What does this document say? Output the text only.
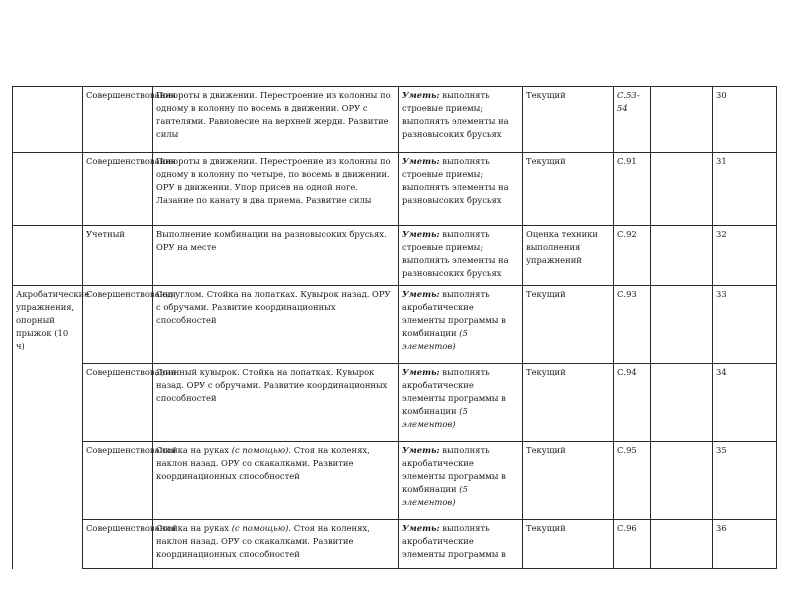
	Совершенствования	Повороты в движении. Перестроение из колонны по одному в колонну по восемь в движении. ОРУ с гантелями. Равновесие на верхней жерди. Развитие силы	Уметь: выполнять строевые приемы; выполнять элементы на разновысоких брусьях	Текущий	С.53-54		30
	Совершенствования	Повороты в движении. Перестроение из колонны по одному в колонну по четыре, по восемь в движении. ОРУ в движении. Упор присев на одной ноге. Лазание по канату в два приема. Развитие силы	Уметь: выполнять строевые приемы; выполнять элементы на разновысоких брусьях	Текущий	С.91		31
	Учетный	Выполнение комбинации на разновысоких брусьях. ОРУ на месте	Уметь: выполнять строевые приемы; выполнять элементы на разновысоких брусьях	Оценка техники выполнения упражнений	С.92		32
Акробатические упражнения, опорный прыжок (10 ч)	Совершенствования	Сед углом. Стойка на лопатках. Кувырок назад. ОРУ с обручами. Развитие координационных способностей	Уметь: выполнять акробатические элементы программы в комбинации (5 элементов)	Текущий	С.93		33
	Совершенствования	Длинный кувырок. Стойка на лопатках. Кувырок назад. ОРУ с обручами. Развитие координационных способностей	Уметь: выполнять акробатические элементы программы в комбинации (5 элементов)	Текущий	С.94		34
	Совершенствования	Стойка на руках (с помощью). Стоя на коленях, наклон назад. ОРУ со скакалками. Развитие координационных способностей	Уметь: выполнять акробатические элементы программы в комбинации (5 элементов)	Текущий	С.95		35
	Совершенствования	Стойка на руках (с помощью). Стоя на коленях, наклон назад. ОРУ со скакалками. Развитие координационных способностей	Уметь: выполнять акробатические элементы программы в	Текущий	С.96		36
